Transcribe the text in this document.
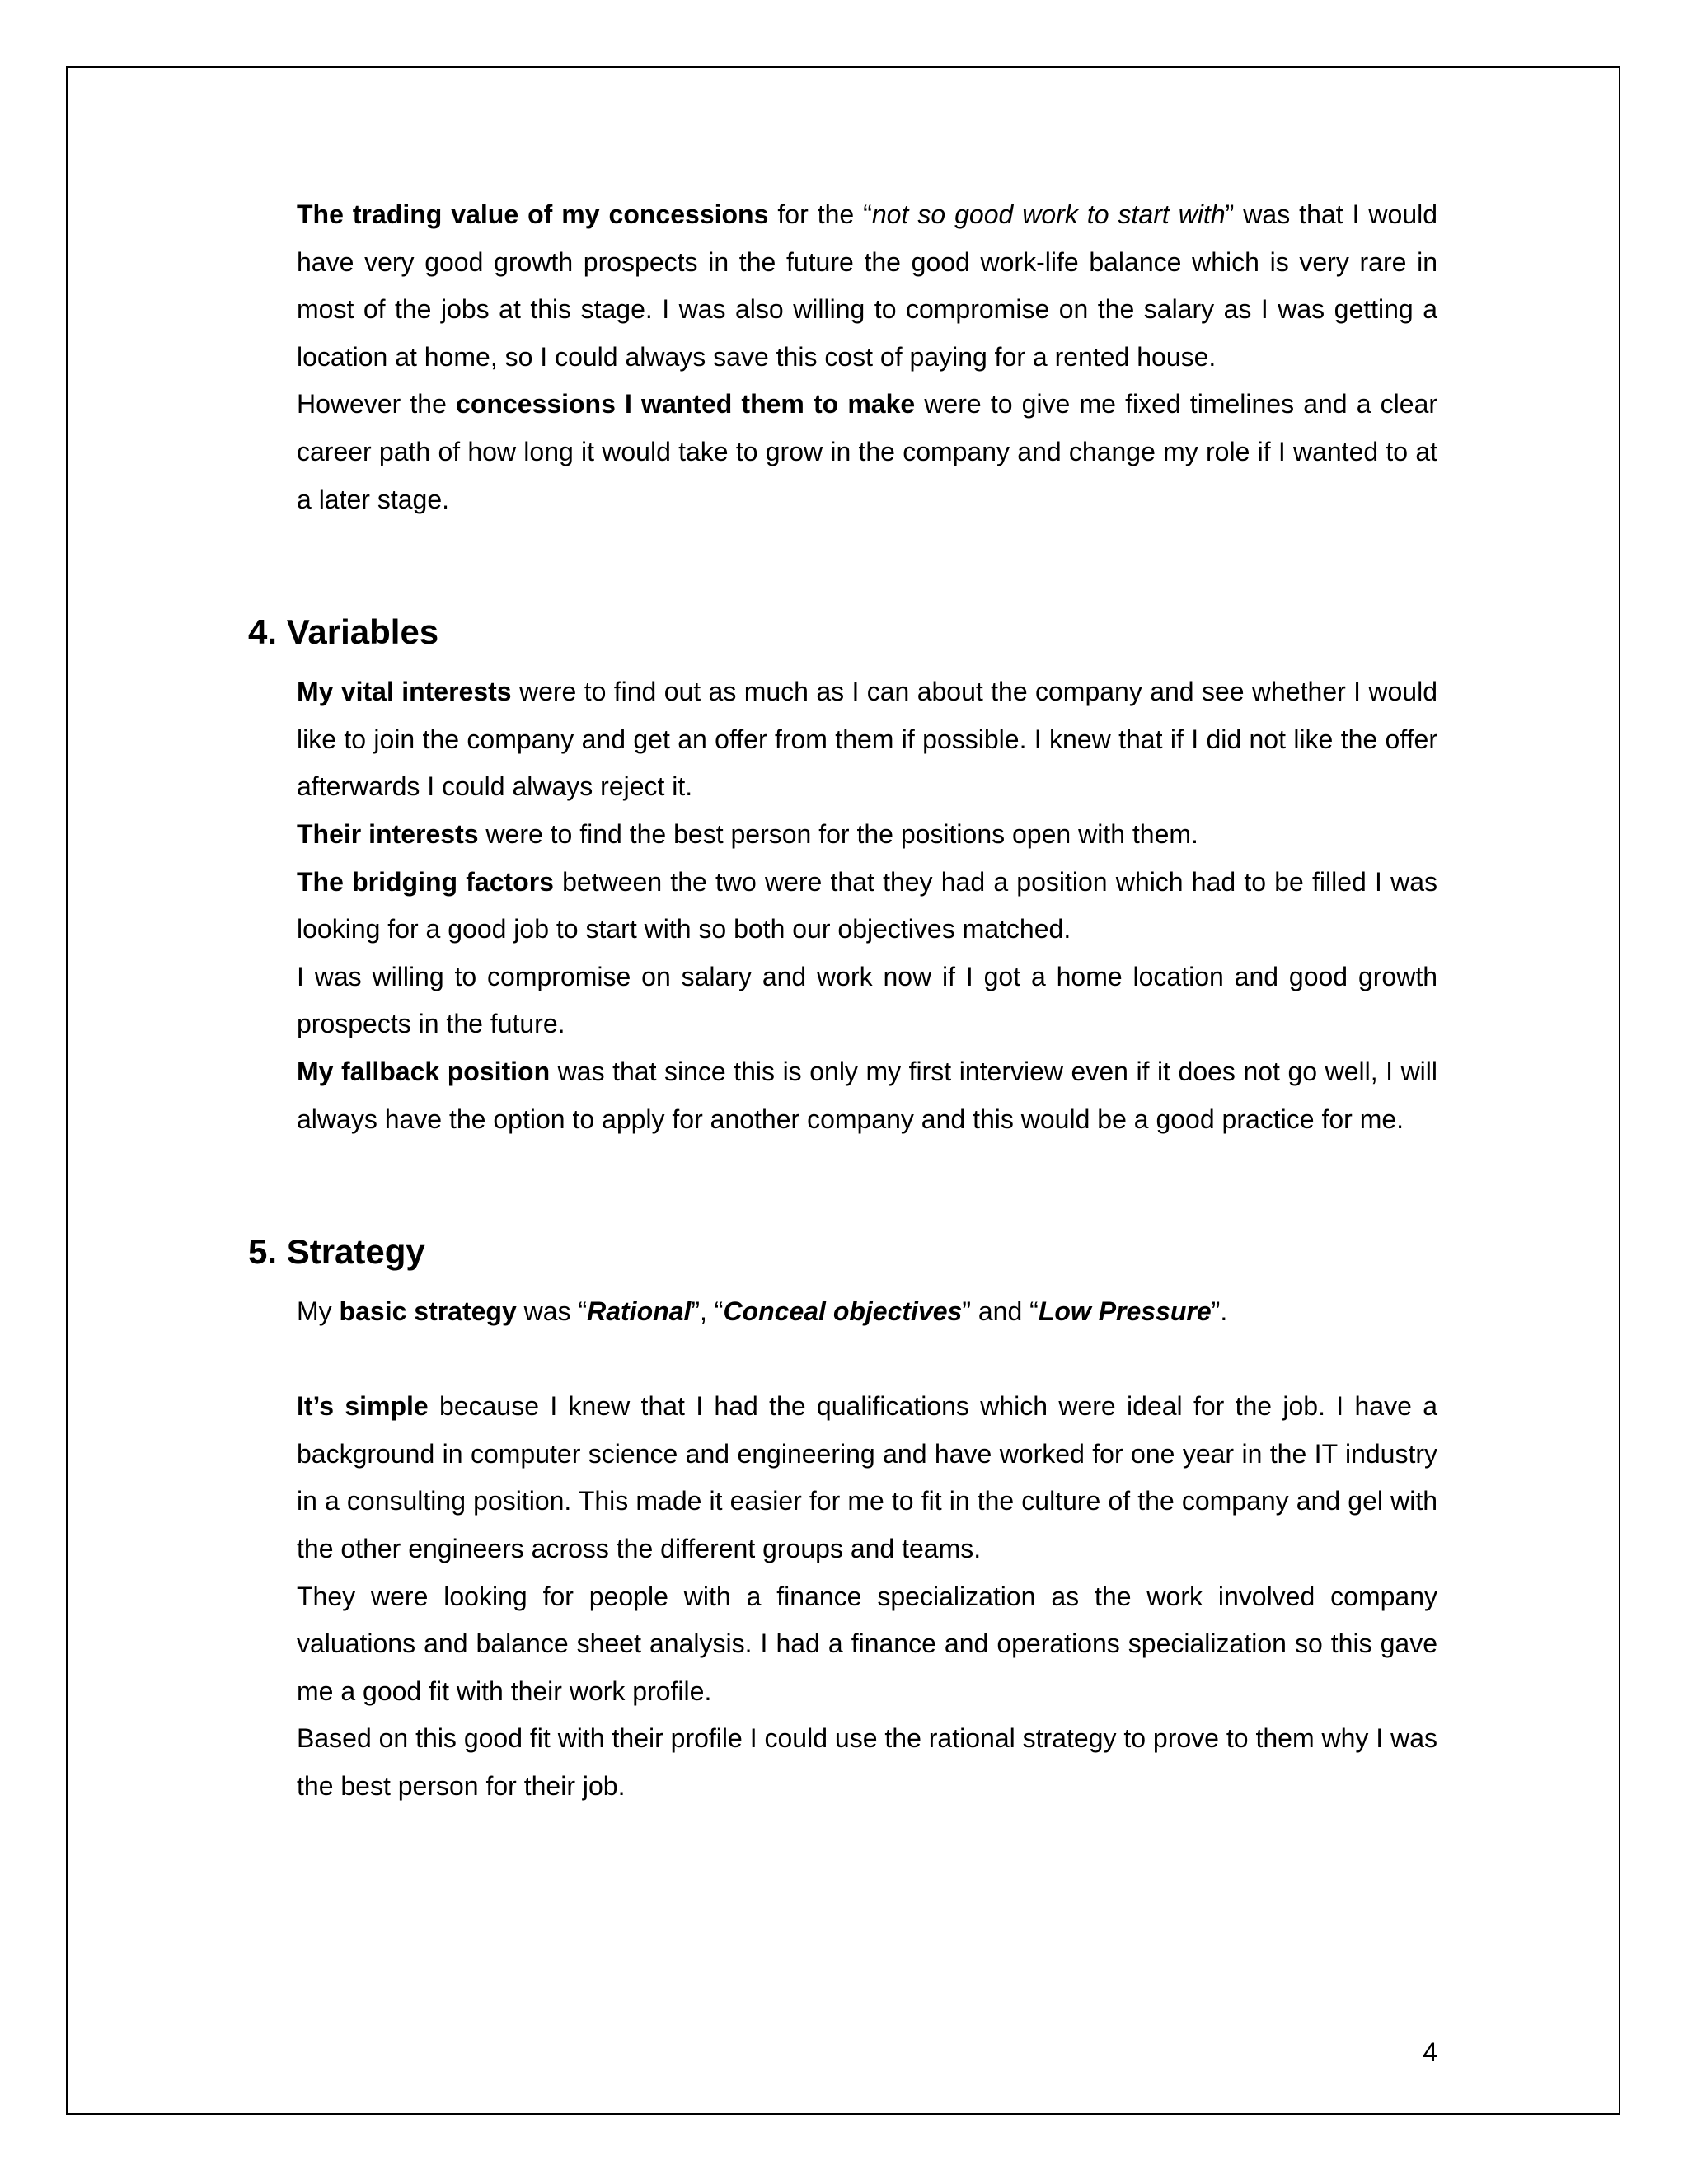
The trading value of my concessions for the “not so good work to start with” was that I would have very good growth prospects in the future the good work-life balance which is very rare in most of the jobs at this stage. I was also willing to compromise on the salary as I was getting a location at home, so I could always save this cost of paying for a rented house.

However the concessions I wanted them to make were to give me fixed timelines and a clear career path of how long it would take to grow in the company and change my role if I wanted to at a later stage.

4. Variables

My vital interests were to find out as much as I can about the company and see whether I would like to join the company and get an offer from them if possible. I knew that if I did not like the offer afterwards I could always reject it.

Their interests were to find the best person for the positions open with them.

The bridging factors between the two were that they had a position which had to be filled I was looking for a good job to start with so both our objectives matched.

I was willing to compromise on salary and work now if I got a home location and good growth prospects in the future.

My fallback position was that since this is only my first interview even if it does not go well, I will always have the option to apply for another company and this would be a good practice for me.

5. Strategy

My basic strategy was “Rational”, “Conceal objectives” and “Low Pressure”.

It’s simple because I knew that I had the qualifications which were ideal for the job. I have a background in computer science and engineering and have worked for one year in the IT industry in a consulting position. This made it easier for me to fit in the culture of the company and gel with the other engineers across the different groups and teams.

They were looking for people with a finance specialization as the work involved company valuations and balance sheet analysis. I had a finance and operations specialization so this gave me a good fit with their work profile.

Based on this good fit with their profile I could use the rational strategy to prove to them why I was the best person for their job.

4
